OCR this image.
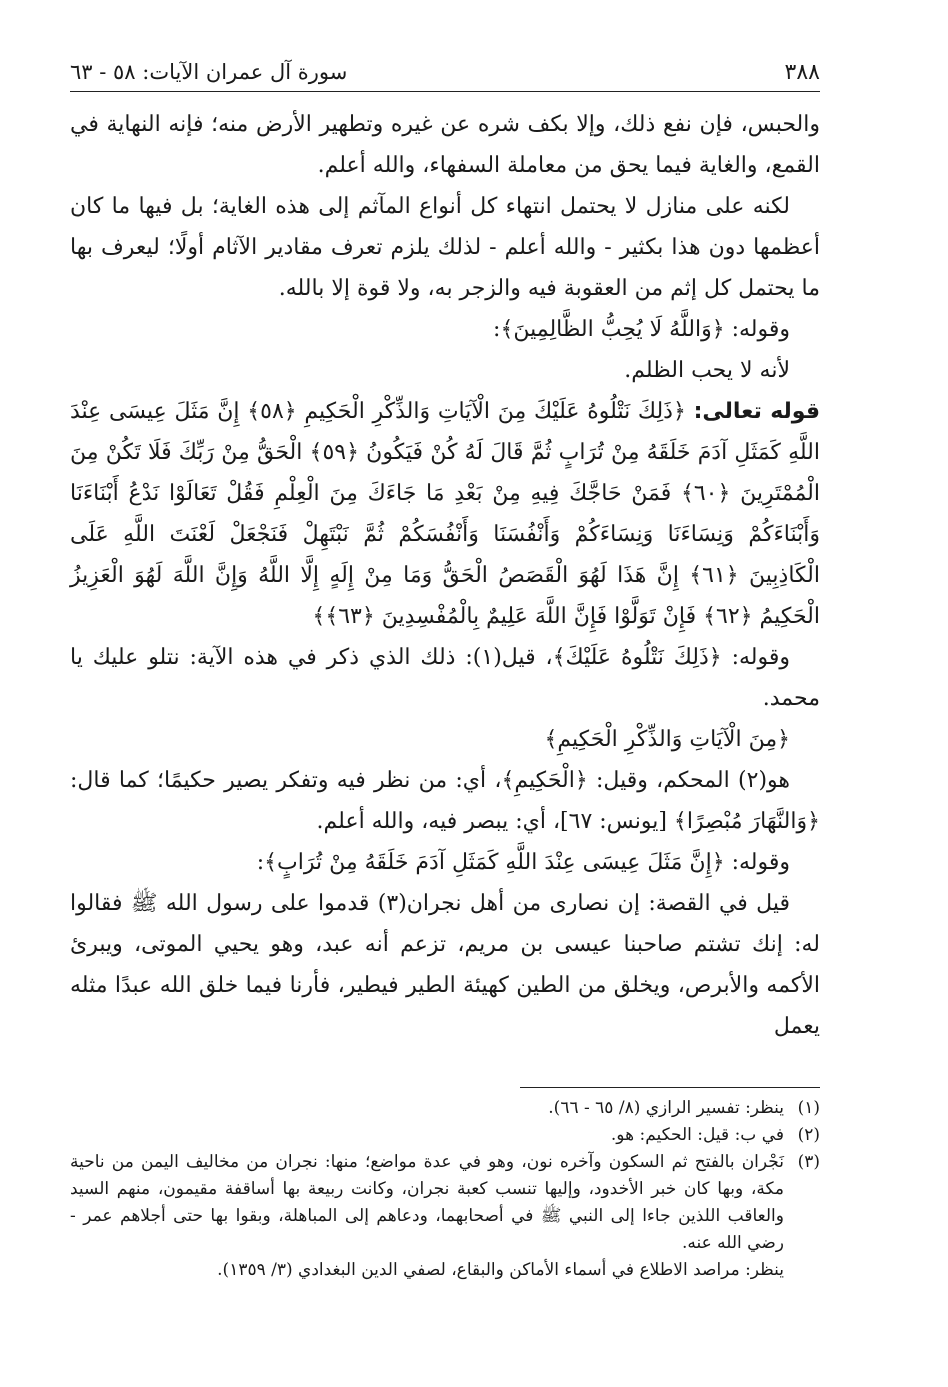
٣٨٨
سورة آل عمران الآيات: ٥٨ - ٦٣

والحبس، فإن نفع ذلك، وإلا بكف شره عن غيره وتطهير الأرض منه؛ فإنه النهاية في القمع، والغاية فيما يحق من معاملة السفهاء، والله أعلم.

لكنه على منازل لا يحتمل انتهاء كل أنواع المآثم إلى هذه الغاية؛ بل فيها ما كان أعظمها دون هذا بكثير - والله أعلم - لذلك يلزم تعرف مقادير الآثام أولًا؛ ليعرف بها ما يحتمل كل إثم من العقوبة فيه والزجر به، ولا قوة إلا بالله.

وقوله: ﴿وَاللَّهُ لَا يُحِبُّ الظَّالِمِينَ﴾:

لأنه لا يحب الظلم.

قوله تعالى: ﴿ذَلِكَ نَتْلُوهُ عَلَيْكَ مِنَ الْآيَاتِ وَالذِّكْرِ الْحَكِيمِ ﴿٥٨﴾ إِنَّ مَثَلَ عِيسَى عِنْدَ اللَّهِ كَمَثَلِ آدَمَ خَلَقَهُ مِنْ تُرَابٍ ثُمَّ قَالَ لَهُ كُنْ فَيَكُونُ ﴿٥٩﴾ الْحَقُّ مِنْ رَبِّكَ فَلَا تَكُنْ مِنَ الْمُمْتَرِينَ ﴿٦٠﴾ فَمَنْ حَاجَّكَ فِيهِ مِنْ بَعْدِ مَا جَاءَكَ مِنَ الْعِلْمِ فَقُلْ تَعَالَوْا نَدْعُ أَبْنَاءَنَا وَأَبْنَاءَكُمْ وَنِسَاءَنَا وَنِسَاءَكُمْ وَأَنْفُسَنَا وَأَنْفُسَكُمْ ثُمَّ نَبْتَهِلْ فَنَجْعَلْ لَعْنَتَ اللَّهِ عَلَى الْكَاذِبِينَ ﴿٦١﴾ إِنَّ هَذَا لَهُوَ الْقَصَصُ الْحَقُّ وَمَا مِنْ إِلَهٍ إِلَّا اللَّهُ وَإِنَّ اللَّهَ لَهُوَ الْعَزِيزُ الْحَكِيمُ ﴿٦٢﴾ فَإِنْ تَوَلَّوْا فَإِنَّ اللَّهَ عَلِيمٌ بِالْمُفْسِدِينَ ﴿٦٣﴾﴾

وقوله: ﴿ذَلِكَ نَتْلُوهُ عَلَيْكَ﴾، قيل(١): ذلك الذي ذكر في هذه الآية: نتلو عليك يا محمد.

﴿مِنَ الْآيَاتِ وَالذِّكْرِ الْحَكِيمِ﴾

هو(٢) المحكم، وقيل: ﴿الْحَكِيمِ﴾، أي: من نظر فيه وتفكر يصير حكيمًا؛ كما قال: ﴿وَالنَّهَارَ مُبْصِرًا﴾ [يونس: ٦٧]، أي: يبصر فيه، والله أعلم.

وقوله: ﴿إِنَّ مَثَلَ عِيسَى عِنْدَ اللَّهِ كَمَثَلِ آدَمَ خَلَقَهُ مِنْ تُرَابٍ﴾:

قيل في القصة: إن نصارى من أهل نجران(٣) قدموا على رسول الله ﷺ فقالوا له: إنك تشتم صاحبنا عيسى بن مريم، تزعم أنه عبد، وهو يحيي الموتى، ويبرئ الأكمه والأبرص، ويخلق من الطين كهيئة الطير فيطير، فأرنا فيما خلق الله عبدًا مثله يعمل

(١)
ينظر: تفسير الرازي (٨/ ٦٥ - ٦٦).
(٢)
في ب: قيل: الحكيم: هو.
(٣)
نَجْران بالفتح ثم السكون وآخره نون، وهو في عدة مواضع؛ منها: نجران من مخاليف اليمن من ناحية مكة، وبها كان خبر الأخدود، وإليها تنسب كعبة نجران، وكانت ربيعة بها أساقفة مقيمون، منهم السيد والعاقب اللذين جاءا إلى النبي ﷺ في أصحابهما، ودعاهم إلى المباهلة، وبقوا بها حتى أجلاهم عمر - رضي الله عنه.
ينظر: مراصد الاطلاع في أسماء الأماكن والبقاع، لصفي الدين البغدادي (٣/ ١٣٥٩).
